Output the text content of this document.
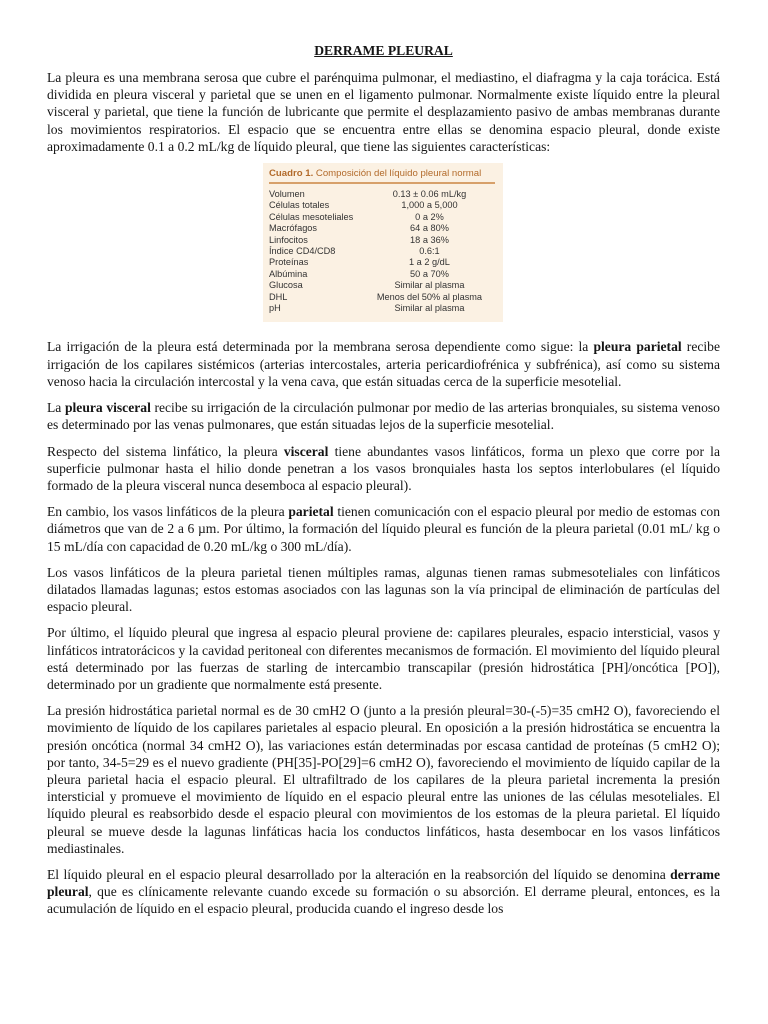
DERRAME PLEURAL

La pleura es una membrana serosa que cubre el parénquima pulmonar, el mediastino, el diafragma y la caja torácica. Está dividida en pleura visceral y parietal que se unen en el ligamento pulmonar. Normalmente existe líquido entre la pleural visceral y parietal, que tiene la función de lubricante que permite el desplazamiento pasivo de ambas membranas durante los movimientos respiratorios. El espacio que se encuentra entre ellas se denomina espacio pleural, donde existe aproximadamente 0.1 a 0.2 mL/kg de líquido pleural, que tiene las siguientes características:

Cuadro 1. Composición del líquido pleural normal
Volumen	0.13 ± 0.06 mL/kg
Células totales	1,000 a 5,000
Células mesoteliales	0 a 2%
Macrófagos	64 a 80%
Linfocitos	18 a 36%
Índice CD4/CD8	0.6:1
Proteínas	1 a 2 g/dL
Albúmina	50 a 70%
Glucosa	Similar al plasma
DHL	Menos del 50% al plasma
pH	Similar al plasma

La irrigación de la pleura está determinada por la membrana serosa dependiente como sigue: la pleura parietal recibe irrigación de los capilares sistémicos (arterias intercostales, arteria pericardiofrénica y subfrénica), así como su sistema venoso hacia la circulación intercostal y la vena cava, que están situadas cerca de la superficie mesotelial.

La pleura visceral recibe su irrigación de la circulación pulmonar por medio de las arterias bronquiales, su sistema venoso es determinado por las venas pulmonares, que están situadas lejos de la superficie mesotelial.

Respecto del sistema linfático, la pleura visceral tiene abundantes vasos linfáticos, forma un plexo que corre por la superficie pulmonar hasta el hilio donde penetran a los vasos bronquiales hasta los septos interlobulares (el líquido formado de la pleura visceral nunca desemboca al espacio pleural).

En cambio, los vasos linfáticos de la pleura parietal tienen comunicación con el espacio pleural por medio de estomas con diámetros que van de 2 a 6 µm. Por último, la formación del líquido pleural es función de la pleura parietal (0.01 mL/ kg o 15 mL/día con capacidad de 0.20 mL/kg o 300 mL/día).

Los vasos linfáticos de la pleura parietal tienen múltiples ramas, algunas tienen ramas submesoteliales con linfáticos dilatados llamadas lagunas; estos estomas asociados con las lagunas son la vía principal de eliminación de partículas del espacio pleural.

Por último, el líquido pleural que ingresa al espacio pleural proviene de: capilares pleurales, espacio intersticial, vasos y linfáticos intratorácicos y la cavidad peritoneal con diferentes mecanismos de formación. El movimiento del líquido pleural está determinado por las fuerzas de starling de intercambio transcapilar (presión hidrostática [PH]/oncótica [PO]), determinado por un gradiente que normalmente está presente.

La presión hidrostática parietal normal es de 30 cmH2 O (junto a la presión pleural=30-(-5)=35 cmH2 O), favoreciendo el movimiento de líquido de los capilares parietales al espacio pleural. En oposición a la presión hidrostática se encuentra la presión oncótica (normal 34 cmH2 O), las variaciones están determinadas por escasa cantidad de proteínas (5 cmH2 O); por tanto, 34-5=29 es el nuevo gradiente (PH[35]-PO[29]=6 cmH2 O), favoreciendo el movimiento de líquido capilar de la pleura parietal hacia el espacio pleural. El ultrafiltrado de los capilares de la pleura parietal incrementa la presión intersticial y promueve el movimiento de líquido en el espacio pleural entre las uniones de las células mesoteliales. El líquido pleural es reabsorbido desde el espacio pleural con movimientos de los estomas de la pleura parietal. El líquido pleural se mueve desde la lagunas linfáticas hacia los conductos linfáticos, hasta desembocar en los vasos linfáticos mediastinales.

El líquido pleural en el espacio pleural desarrollado por la alteración en la reabsorción del líquido se denomina derrame pleural, que es clínicamente relevante cuando excede su formación o su absorción. El derrame pleural, entonces, es la acumulación de líquido en el espacio pleural, producida cuando el ingreso desde los
